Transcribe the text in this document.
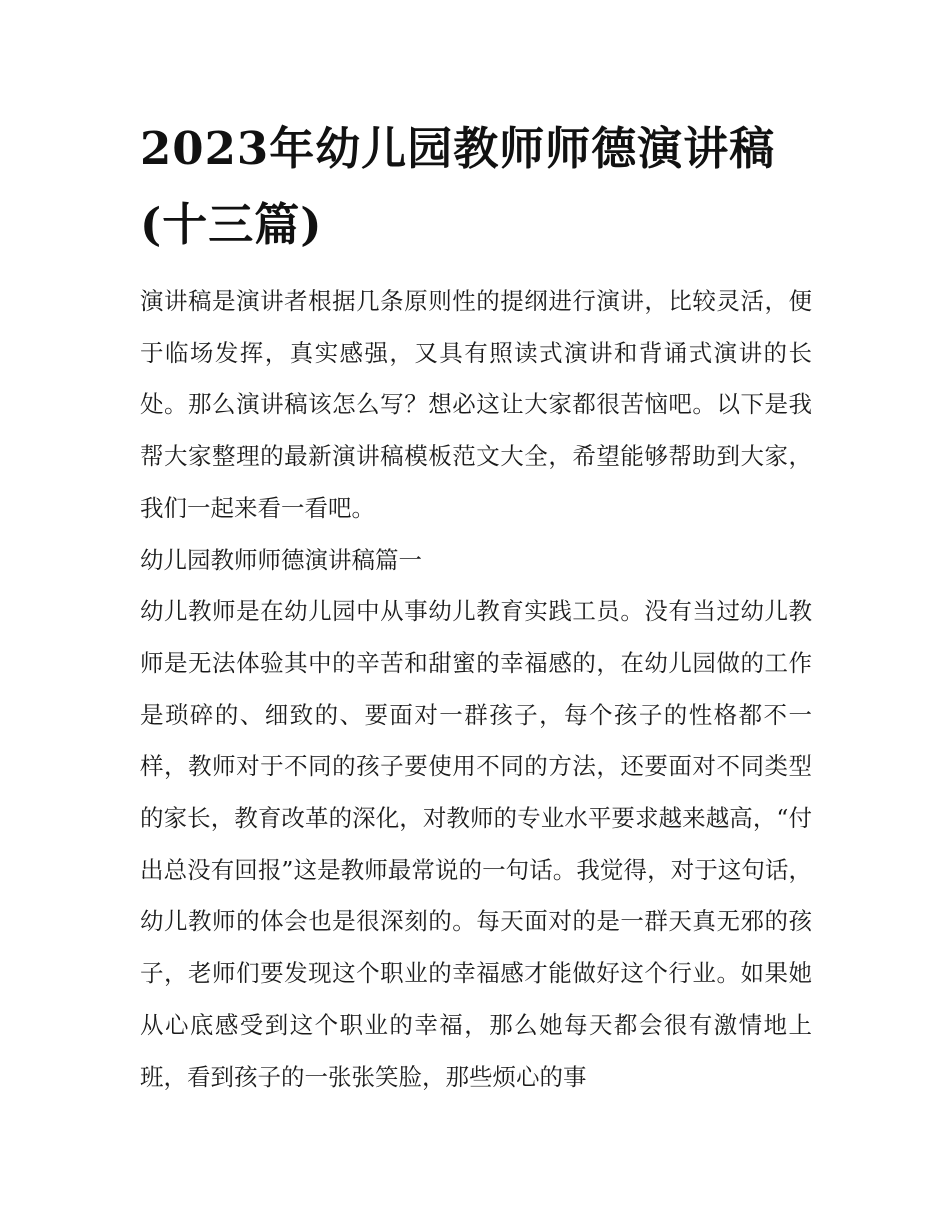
2023年幼儿园教师师德演讲稿(十三篇)

演讲稿是演讲者根据几条原则性的提纲进行演讲，比较灵活，便于临场发挥，真实感强，又具有照读式演讲和背诵式演讲的长处。那么演讲稿该怎么写？想必这让大家都很苦恼吧。以下是我帮大家整理的最新演讲稿模板范文大全，希望能够帮助到大家，我们一起来看一看吧。

幼儿园教师师德演讲稿篇一

幼儿教师是在幼儿园中从事幼儿教育实践工员。没有当过幼儿教师是无法体验其中的辛苦和甜蜜的幸福感的，在幼儿园做的工作是琐碎的、细致的、要面对一群孩子，每个孩子的性格都不一样，教师对于不同的孩子要使用不同的方法，还要面对不同类型的家长，教育改革的深化，对教师的专业水平要求越来越高，“付出总没有回报”这是教师最常说的一句话。我觉得，对于这句话，幼儿教师的体会也是很深刻的。每天面对的是一群天真无邪的孩子，老师们要发现这个职业的幸福感才能做好这个行业。如果她从心底感受到这个职业的幸福，那么她每天都会很有激情地上班，看到孩子的一张张笑脸，那些烦心的事
